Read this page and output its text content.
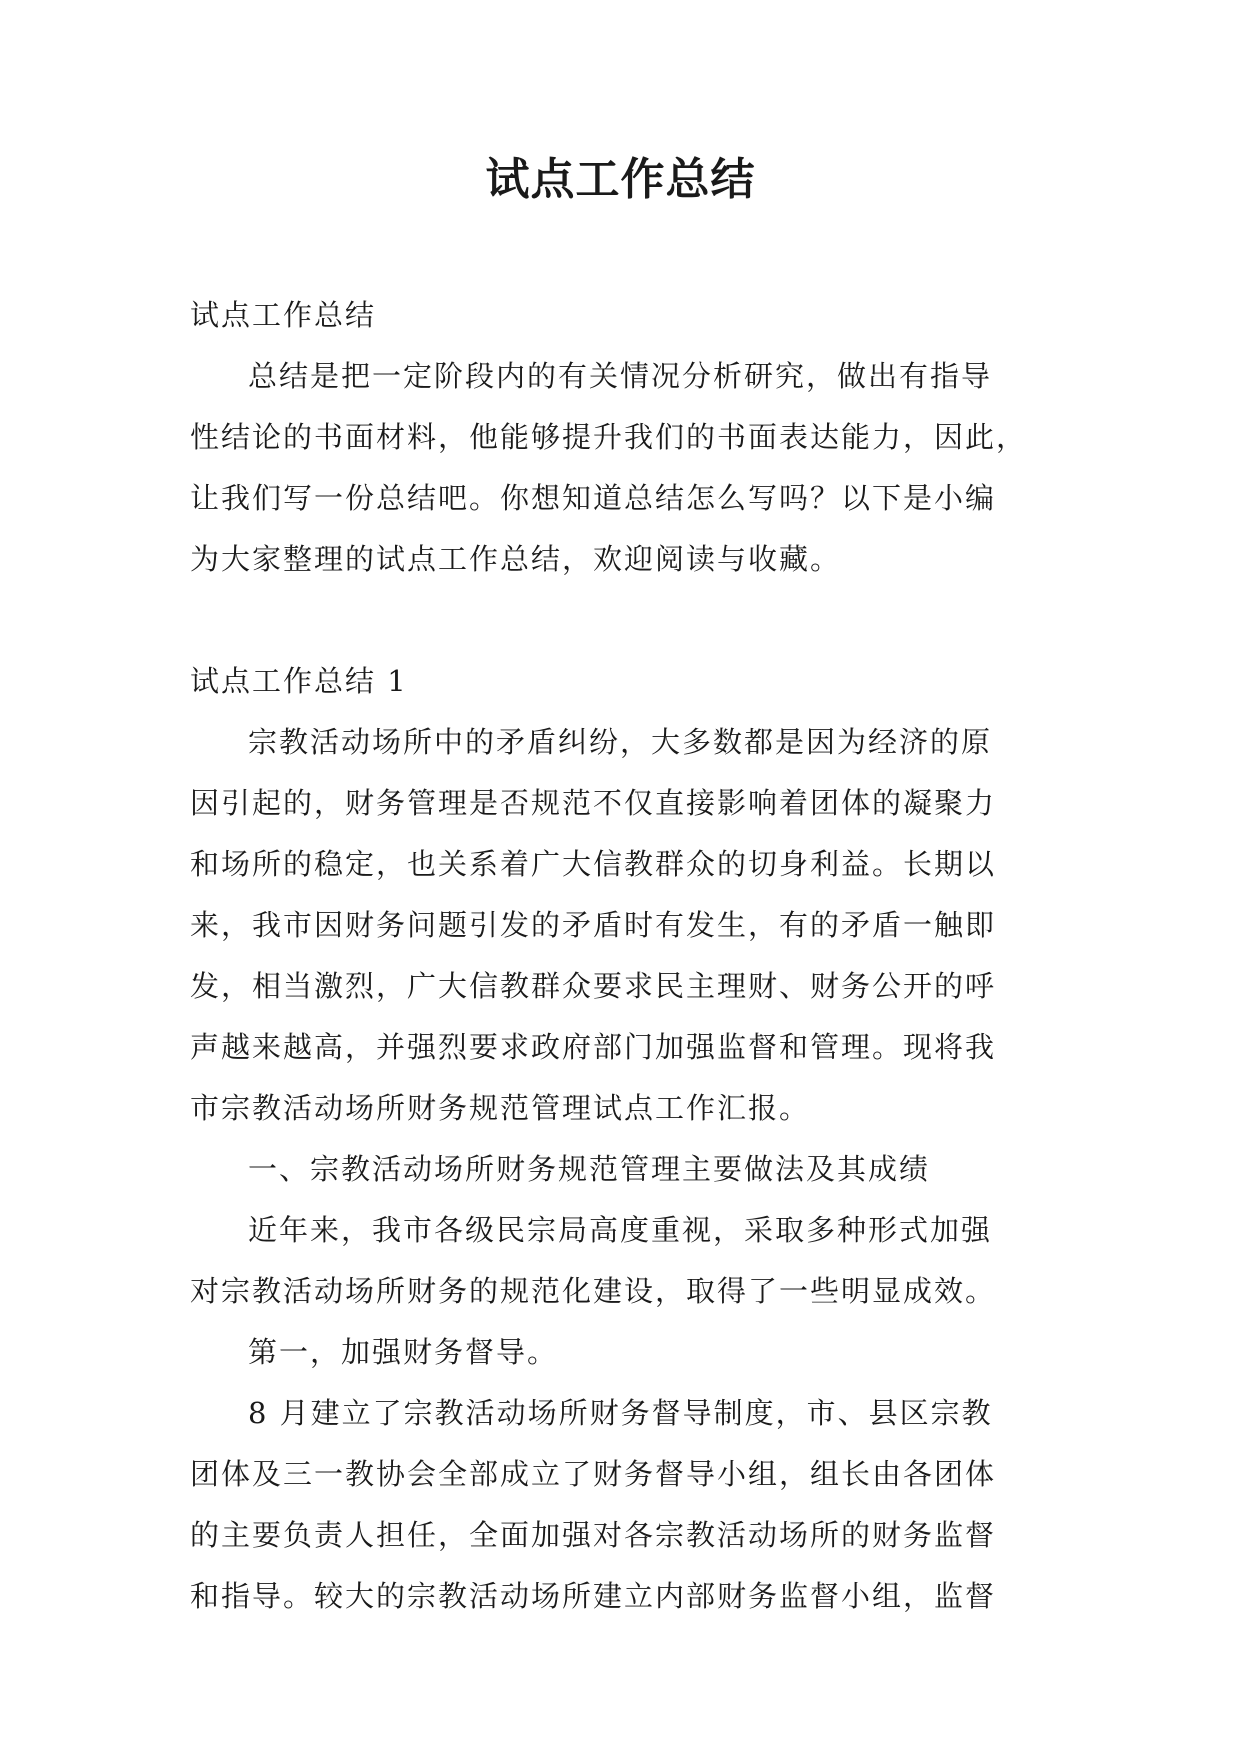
试点工作总结

试点工作总结

总结是把一定阶段内的有关情况分析研究，做出有指导
性结论的书面材料，他能够提升我们的书面表达能力，因此，
让我们写一份总结吧。你想知道总结怎么写吗？以下是小编
为大家整理的试点工作总结，欢迎阅读与收藏。

试点工作总结 1

宗教活动场所中的矛盾纠纷，大多数都是因为经济的原
因引起的，财务管理是否规范不仅直接影响着团体的凝聚力
和场所的稳定，也关系着广大信教群众的切身利益。长期以
来，我市因财务问题引发的矛盾时有发生，有的矛盾一触即
发，相当激烈，广大信教群众要求民主理财、财务公开的呼
声越来越高，并强烈要求政府部门加强监督和管理。现将我
市宗教活动场所财务规范管理试点工作汇报。

一、宗教活动场所财务规范管理主要做法及其成绩

近年来，我市各级民宗局高度重视，采取多种形式加强
对宗教活动场所财务的规范化建设，取得了一些明显成效。

第一，加强财务督导。

8 月建立了宗教活动场所财务督导制度，市、县区宗教
团体及三一教协会全部成立了财务督导小组，组长由各团体
的主要负责人担任，全面加强对各宗教活动场所的财务监督
和指导。较大的宗教活动场所建立内部财务监督小组，监督
